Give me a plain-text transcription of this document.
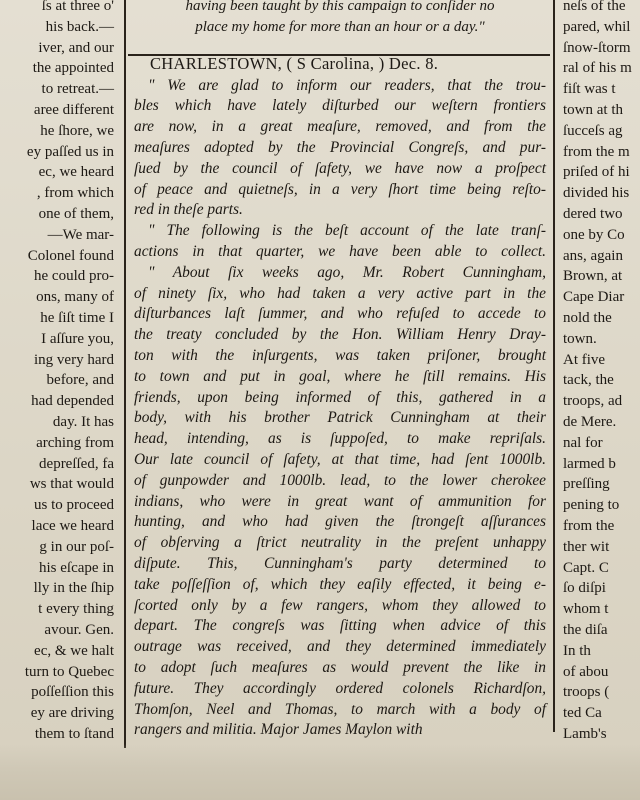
ſs at three o'
his back.—
iver, and our
the appointed
to retreat.—
aree different
he ſhore, we
ey paſſed us in
ec, we heard
, from which
one of them,
—We mar-
Colonel found
he could pro-
ons, many of
he ſiſt time I
I aſſure you,
ing very hard
before, and
had depended
day. It has
arching from
depreſſed, fa
ws that would
us to proceed
lace we heard
g in our poſ-
his eſcape in
lly in the ſhip
t every thing
avour. Gen.
ec, & we halt
turn to Quebec
poſſeſſion this
ey are driving
them to ſtand
having been taught by this campaign to conſider no
place my home for more than an hour or a day."
CHARLESTOWN, ( S Carolina, ) Dec. 8.
" We are glad to inform our readers, that the trou-
bles which have lately diſturbed our weſtern frontiers
are now, in a great meaſure, removed, and from the
meaſures adopted by the Provincial Congreſs, and pur-
ſued by the council of ſafety, we have now a proſpect
of peace and quietneſs, in a very ſhort time being reſto-
red in theſe parts.
" The following is the beſt account of the late tranſ-
actions in that quarter, we have been able to collect.
" About ſix weeks ago, Mr. Robert Cunningham,
of ninety ſix, who had taken a very active part in the
diſturbances laſt ſummer, and who refuſed to accede to
the treaty concluded by the Hon. William Henry Dray-
ton with the inſurgents, was taken priſoner, brought
to town and put in goal, where he ſtill remains. His
friends, upon being informed of this, gathered in a
body, with his brother Patrick Cunningham at their
head, intending, as is ſuppoſed, to make repriſals.
Our late council of ſafety, at that time, had ſent 1000lb.
of gunpowder and 1000lb. lead, to the lower cherokee
indians, who were in great want of ammunition for
hunting, and who had given the ſtrongeſt aſſurances
of obſerving a ſtrict neutrality in the preſent unhappy
diſpute. This, Cunningham's party determined to
take poſſeſſion of, which they eaſily effected, it being e-
ſcorted only by a few rangers, whom they allowed to
depart. The congreſs was ſitting when advice of this
outrage was received, and they determined immediately
to adopt ſuch meaſures as would prevent the like in
future. They accordingly ordered colonels Richardſon,
Thomſon, Neel and Thomas, to march with a body of
rangers and militia. Major James Maylon with
neſs of the
pared, whil
ſnow-ſtorm
ral of his m
fiſt was t
town at th
ſucceſs ag
from the m
priſed of hi
divided his
dered two
one by Co
ans, again
Brown, at
Cape Diar
nold the
town.
At five
tack, the
troops, ad
de Mere.
nal for
larmed b
preſſing
pening to
from the
ther wit
Capt. C
ſo diſpi
whom t
the diſa
In th
of abou
troops (
ted Ca
Lamb's
